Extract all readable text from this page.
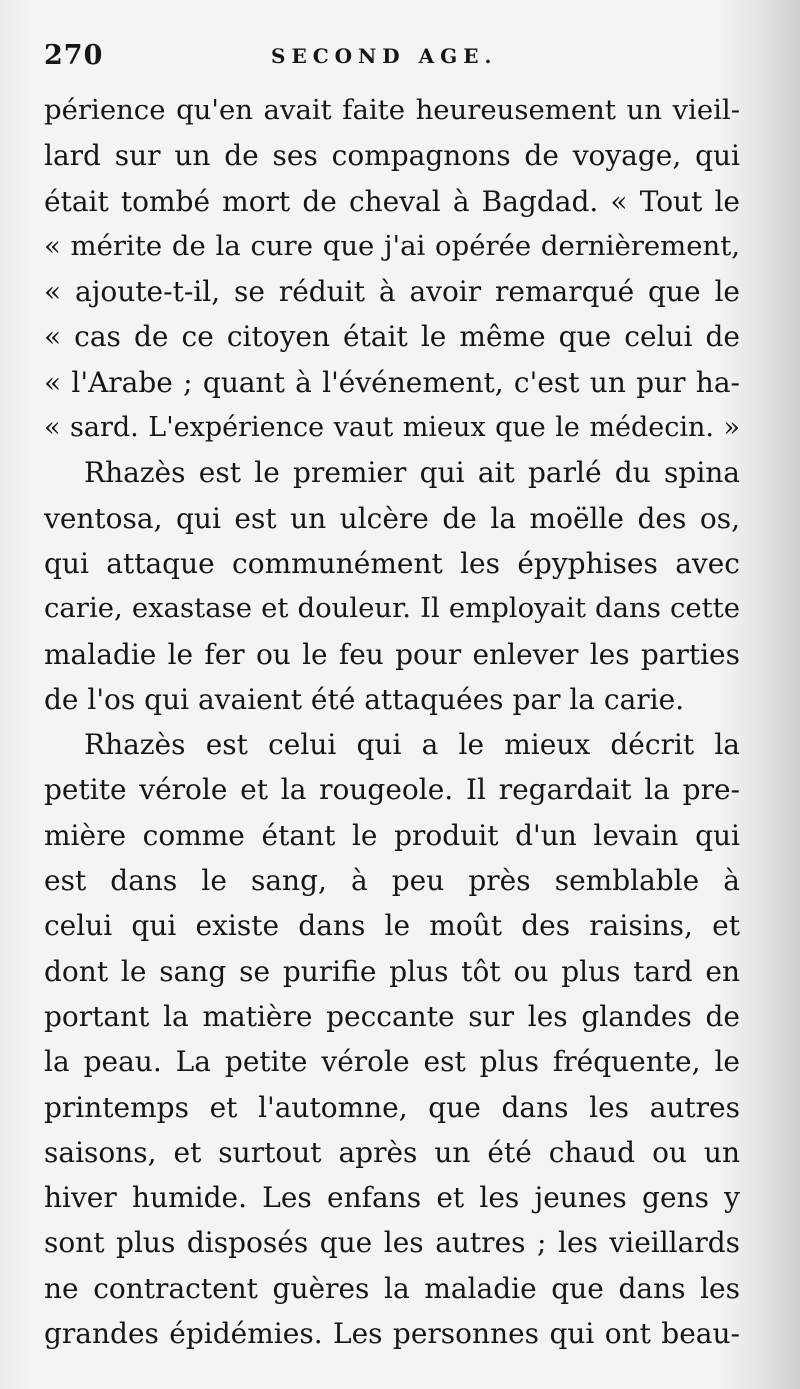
270	SECOND AGE.
périence qu'en avait faite heureusement un vieil-
lard sur un de ses compagnons de voyage, qui
était tombé mort de cheval à Bagdad. « Tout le
« mérite de la cure que j'ai opérée dernièrement,
« ajoute-t-il, se réduit à avoir remarqué que le
« cas de ce citoyen était le même que celui de
« l'Arabe ; quant à l'événement, c'est un pur ha-
« sard. L'expérience vaut mieux que le médecin. »
Rhazès est le premier qui ait parlé du spina
ventosa, qui est un ulcère de la moëlle des os,
qui attaque communément les épyphises avec
carie, exastase et douleur. Il employait dans cette
maladie le fer ou le feu pour enlever les parties
de l'os qui avaient été attaquées par la carie.
Rhazès est celui qui a le mieux décrit la
petite vérole et la rougeole. Il regardait la pre-
mière comme étant le produit d'un levain qui
est dans le sang, à peu près semblable à
celui qui existe dans le moût des raisins, et
dont le sang se purifie plus tôt ou plus tard en
portant la matière peccante sur les glandes de
la peau. La petite vérole est plus fréquente, le
printemps et l'automne, que dans les autres
saisons, et surtout après un été chaud ou un
hiver humide. Les enfans et les jeunes gens y
sont plus disposés que les autres ; les vieillards
ne contractent guères la maladie que dans les
grandes épidémies. Les personnes qui ont beau-
